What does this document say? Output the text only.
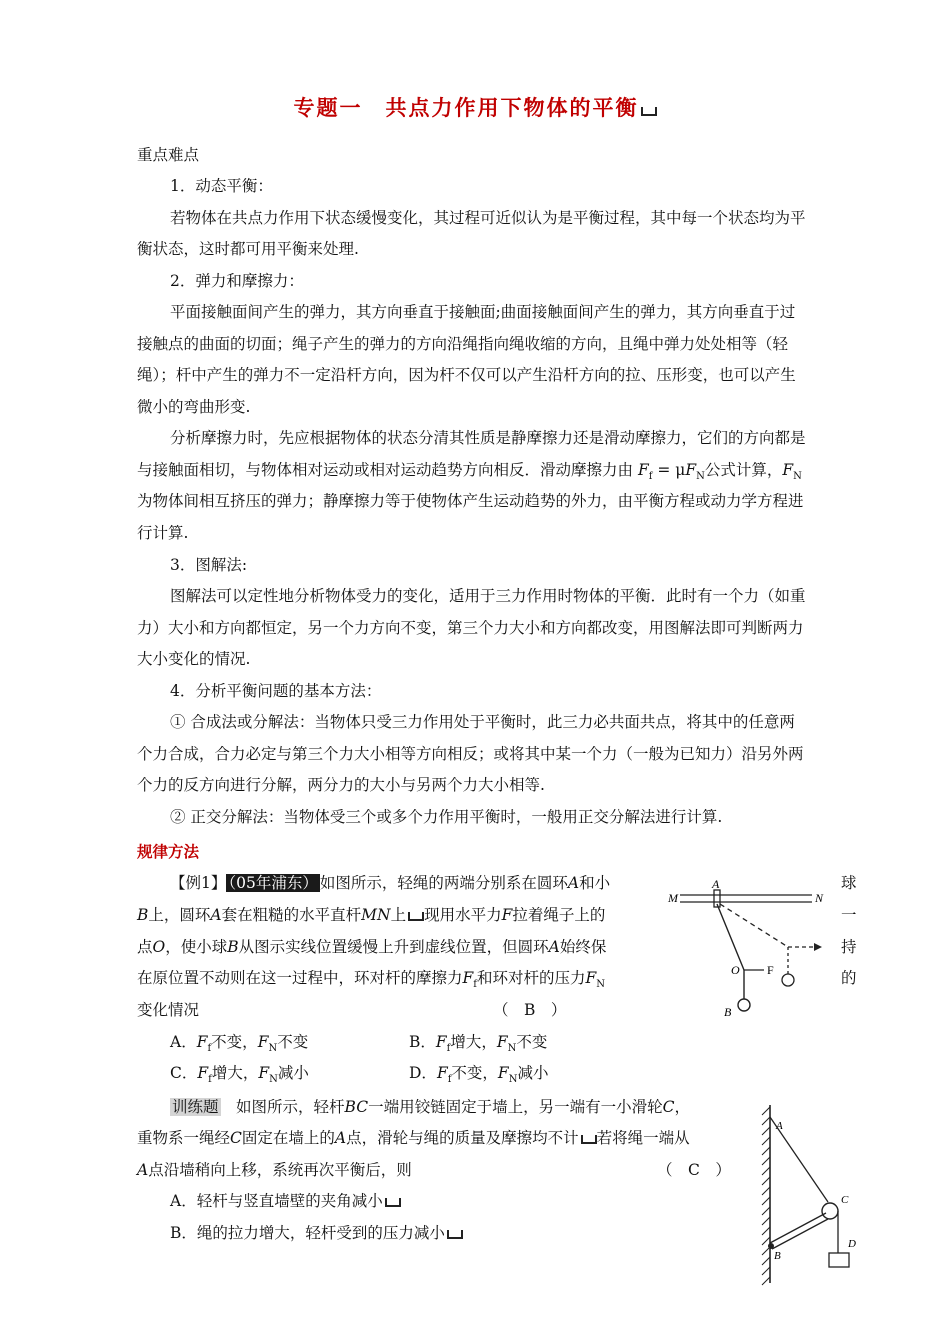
专题一　共点力作用下物体的平衡
重点难点
1．动态平衡：
若物体在共点力作用下状态缓慢变化，其过程可近似认为是平衡过程，其中每一个状态均为平
衡状态，这时都可用平衡来处理.
2．弹力和摩擦力：
平面接触面间产生的弹力，其方向垂直于接触面;曲面接触面间产生的弹力，其方向垂直于过
接触点的曲面的切面；绳子产生的弹力的方向沿绳指向绳收缩的方向，且绳中弹力处处相等（轻
绳）；杆中产生的弹力不一定沿杆方向，因为杆不仅可以产生沿杆方向的拉、压形变，也可以产生
微小的弯曲形变.
分析摩擦力时，先应根据物体的状态分清其性质是静摩擦力还是滑动摩擦力，它们的方向都是
与接触面相切，与物体相对运动或相对运动趋势方向相反．滑动摩擦力由 $F_f = \mu F_N$公式计算，$F_N$
为物体间相互挤压的弹力；静摩擦力等于使物体产生运动趋势的外力，由平衡方程或动力学方程进
行计算.
3．图解法:
图解法可以定性地分析物体受力的变化，适用于三力作用时物体的平衡．此时有一个力（如重
力）大小和方向都恒定，另一个力方向不变，第三个力大小和方向都改变，用图解法即可判断两力
大小变化的情况.
4．分析平衡问题的基本方法：
① 合成法或分解法：当物体只受三力作用处于平衡时，此三力必共面共点，将其中的任意两
个力合成，合力必定与第三个力大小相等方向相反；或将其中某一个力（一般为已知力）沿另外两
个力的反方向进行分解，两分力的大小与另两个力大小相等.
② 正交分解法：当物体受三个或多个力作用平衡时，一般用正交分解法进行计算.
规律方法
【例1】 （05年浦东） 如图所示，轻绳的两端分别系在圆环A和小
B上，圆环A套在粗糙的水平直杆MN上 现用水平力F拉着绳子上的
点O，使小球B从图示实线位置缓慢上升到虚线位置，但圆环A始终保
在原位置不动则在这一过程中，环对杆的摩擦力$F_f$和环对杆的压力$F_N$
变化情况	（　B　）
球
一
持
的
A．$F_f$不变，$F_N$不变	B．$F_f$增大，$F_N$不变
C．$F_f$增大，$F_N$减小	D．$F_f$不变，$F_N$减小
M
A
N
O F
B
训练题　 如图所示，轻杆BC一端用铰链固定于墙上，另一端有一小滑轮C，
重物系一绳经C固定在墙上的A点，滑轮与绳的质量及摩擦均不计 若将绳一端从
A点沿墙稍向上移，系统再次平衡后，则	（　C　）
A．轻杆与竖直墙壁的夹角减小
B．绳的拉力增大，轻杆受到的压力减小
A
C
B
D
